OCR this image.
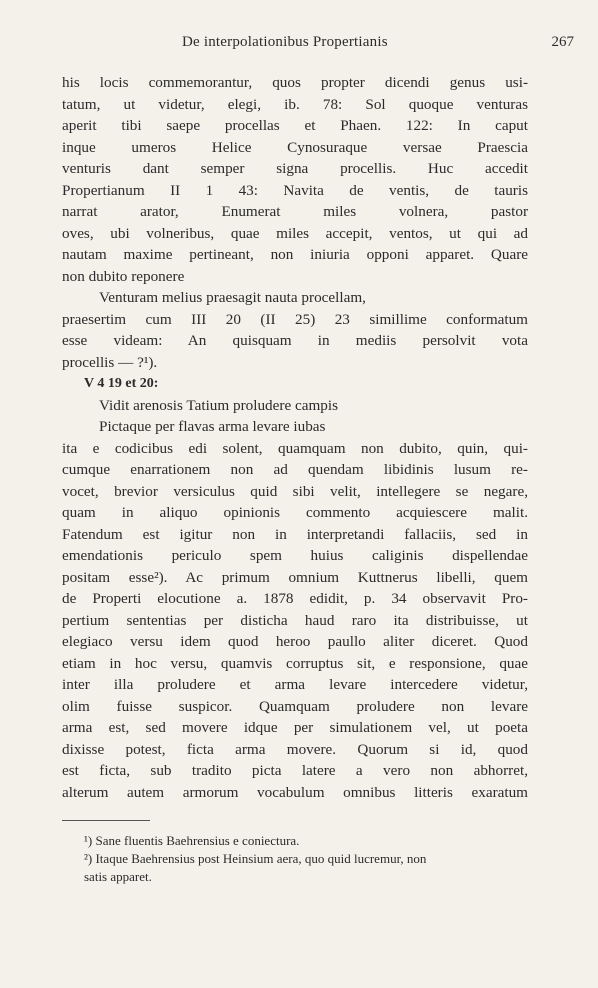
De interpolationibus Propertianis	267
his locis commemorantur, quos propter dicendi genus usi-
tatum, ut videtur, elegi, ib. 78: Sol quoque venturas
aperit tibi saepe procellas et Phaen. 122: In caput
inque umeros Helice Cynosuraque versae Praescia
venturis dant semper signa procellis. Huc accedit
Propertianum II 1 43: Navita de ventis, de tauris
narrat arator, Enumerat miles volnera, pastor
oves, ubi volneribus, quae miles accepit, ventos, ut qui ad
nautam maxime pertineant, non iniuria opponi apparet. Quare
non dubito reponere
Venturam melius praesagit nauta procellam,
praesertim cum III 20 (II 25) 23 simillime conformatum
esse videam: An quisquam in mediis persolvit vota
procellis — ?¹).
V 4 19 et 20:
Vidit arenosis Tatium proludere campis
Pictaque per flavas arma levare iubas
ita e codicibus edi solent, quamquam non dubito, quin, qui-
cumque enarrationem non ad quendam libidinis lusum re-
vocet, brevior versiculus quid sibi velit, intellegere se negare,
quam in aliquo opinionis commento acquiescere malit.
Fatendum est igitur non in interpretandi fallaciis, sed in
emendationis periculo spem huius caliginis dispellendae
positam esse²). Ac primum omnium Kuttnerus libelli, quem
de Properti elocutione a. 1878 edidit, p. 34 observavit Pro-
pertium sententias per disticha haud raro ita distribuisse, ut
elegiaco versu idem quod heroo paullo aliter diceret. Quod
etiam in hoc versu, quamvis corruptus sit, e responsione, quae
inter illa proludere et arma levare intercedere videtur,
olim fuisse suspicor. Quamquam proludere non levare
arma est, sed movere idque per simulationem vel, ut poeta
dixisse potest, ficta arma movere. Quorum si id, quod
est ficta, sub tradito picta latere a vero non abhorret,
alterum autem armorum vocabulum omnibus litteris exaratum
¹) Sane fluentis Baehrensius e coniectura.
²) Itaque Baehrensius post Heinsium aera, quo quid lucremur, non
satis apparet.
